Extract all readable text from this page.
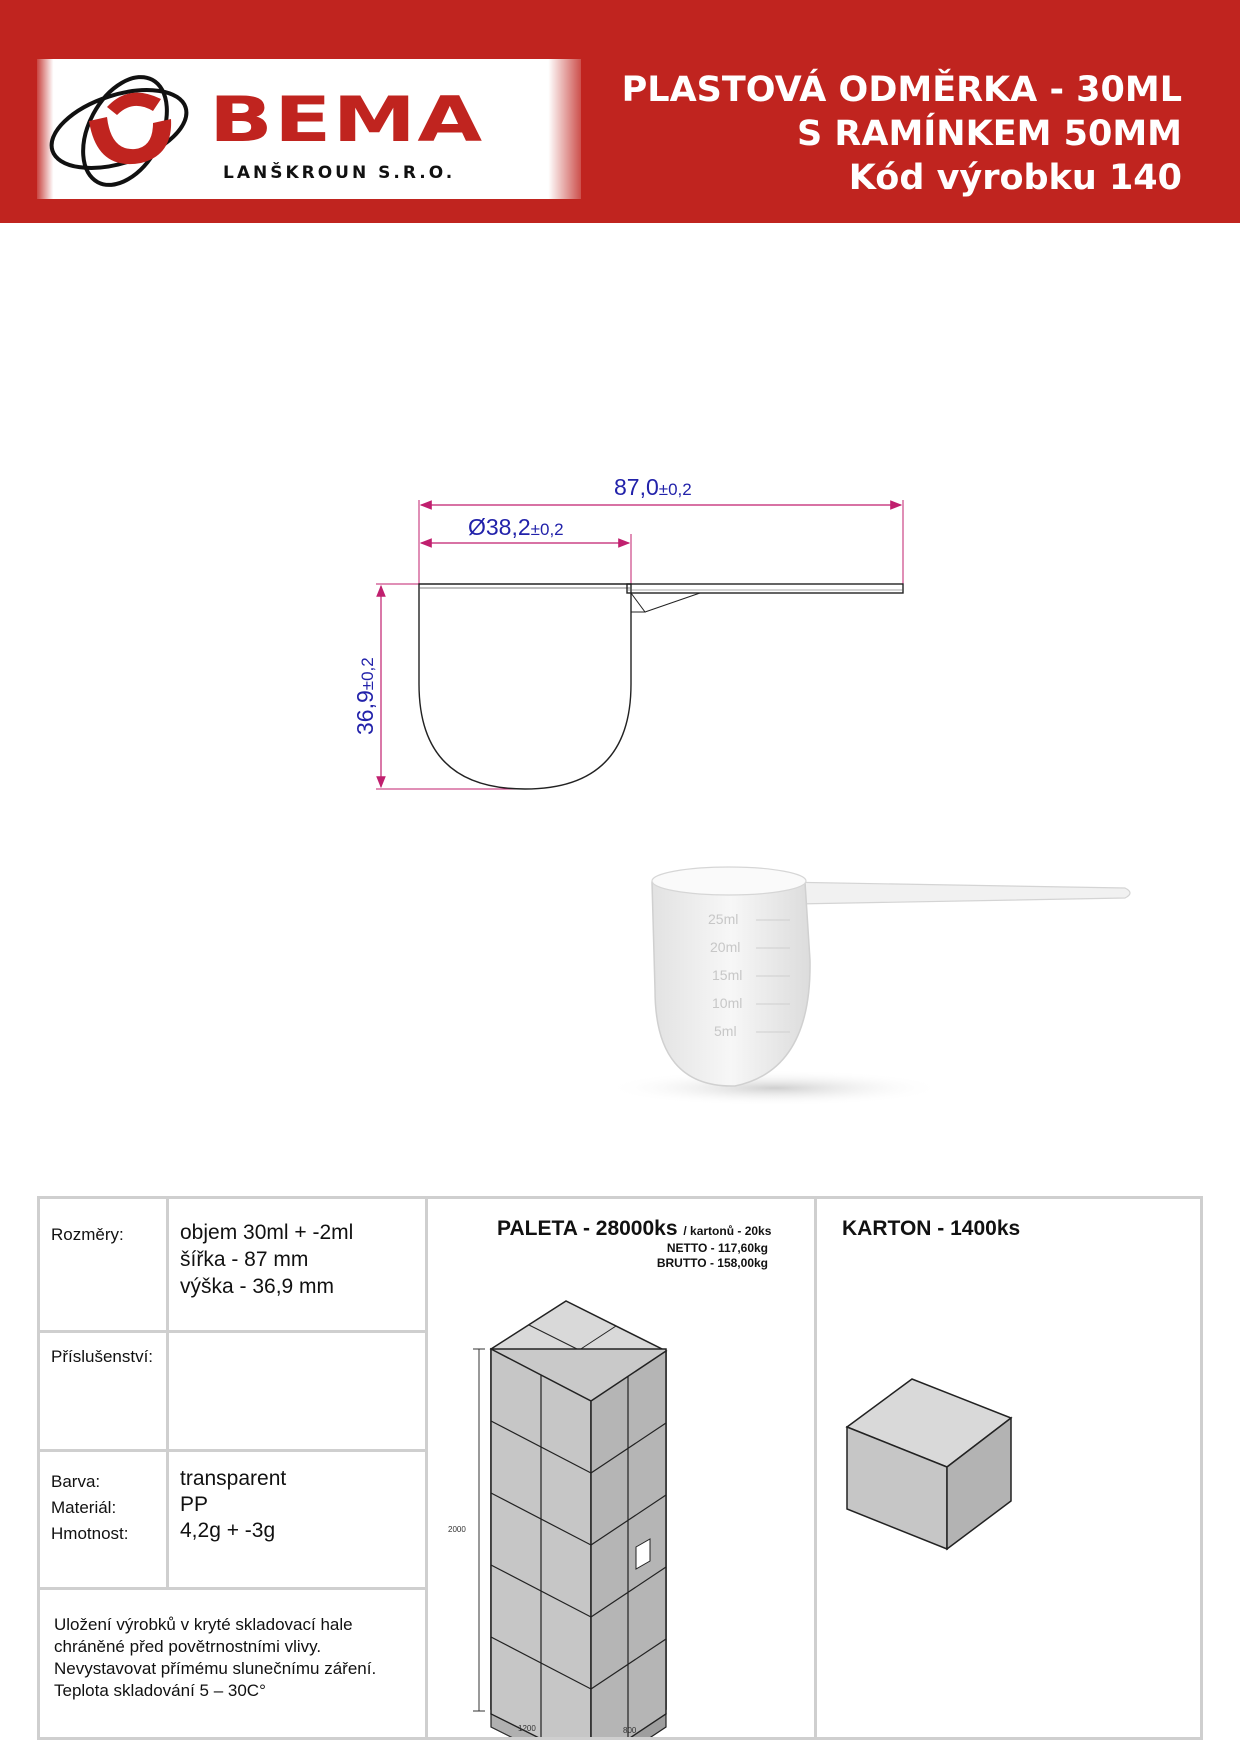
BEMA
LANŠKROUN S.R.O.
PLASTOVÁ ODMĚRKA - 30ML
S RAMÍNKEM 50MM
Kód výrobku 140
87,0±0,2
Ø38,2±0,2
36,9±0,2
25ml
20ml
15ml
10ml
5ml
Rozměry:	objem 30ml + -2ml
šířka - 87 mm
výška - 36,9 mm
Příslušenství:
Barva:
Materiál:
Hmotnost:
transparent
PP
4,2g + -3g
Uložení výrobků v kryté skladovací hale
chráněné před povětrnostními vlivy.
Nevystavovat přímému slunečnímu záření.
Teplota skladování 5 – 30C°
PALETA - 28000ks / kartonů - 20ks
NETTO - 117,60kg
BRUTTO - 158,00kg
2000
1200	800
KARTON - 1400ks
